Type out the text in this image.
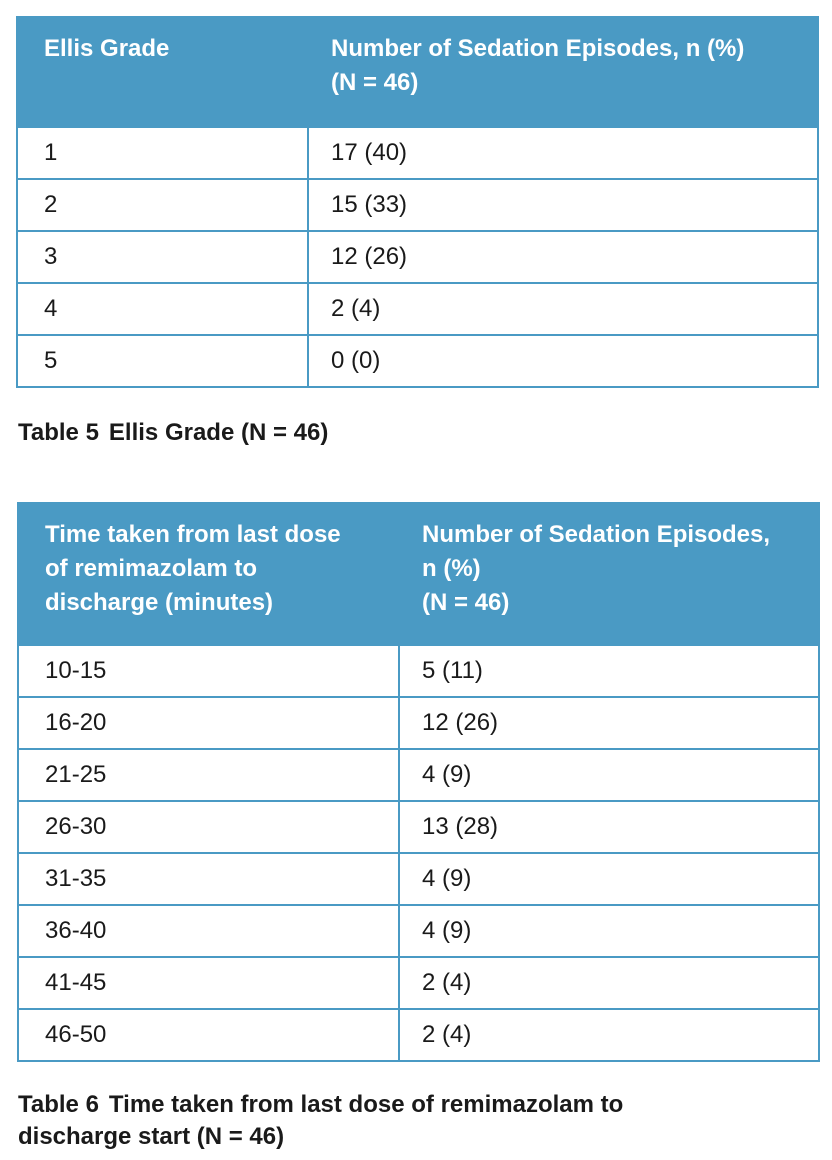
Ellis Grade	Number of Sedation Episodes, n (%)
(N = 46)

1	17 (40)
2	15 (33)
3	12 (26)
4	2 (4)
5	0 (0)
Table 5 Ellis Grade (N = 46)
Time taken from last dose
of remimazolam to
discharge (minutes)	Number of Sedation Episodes,
n (%)
(N = 46)

10-15	5 (11)
16-20	12 (26)
21-25	4 (9)
26-30	13 (28)
31-35	4 (9)
36-40	4 (9)
41-45	2 (4)
46-50	2 (4)
Table 6 Time taken from last dose of remimazolam to
discharge start (N = 46)
